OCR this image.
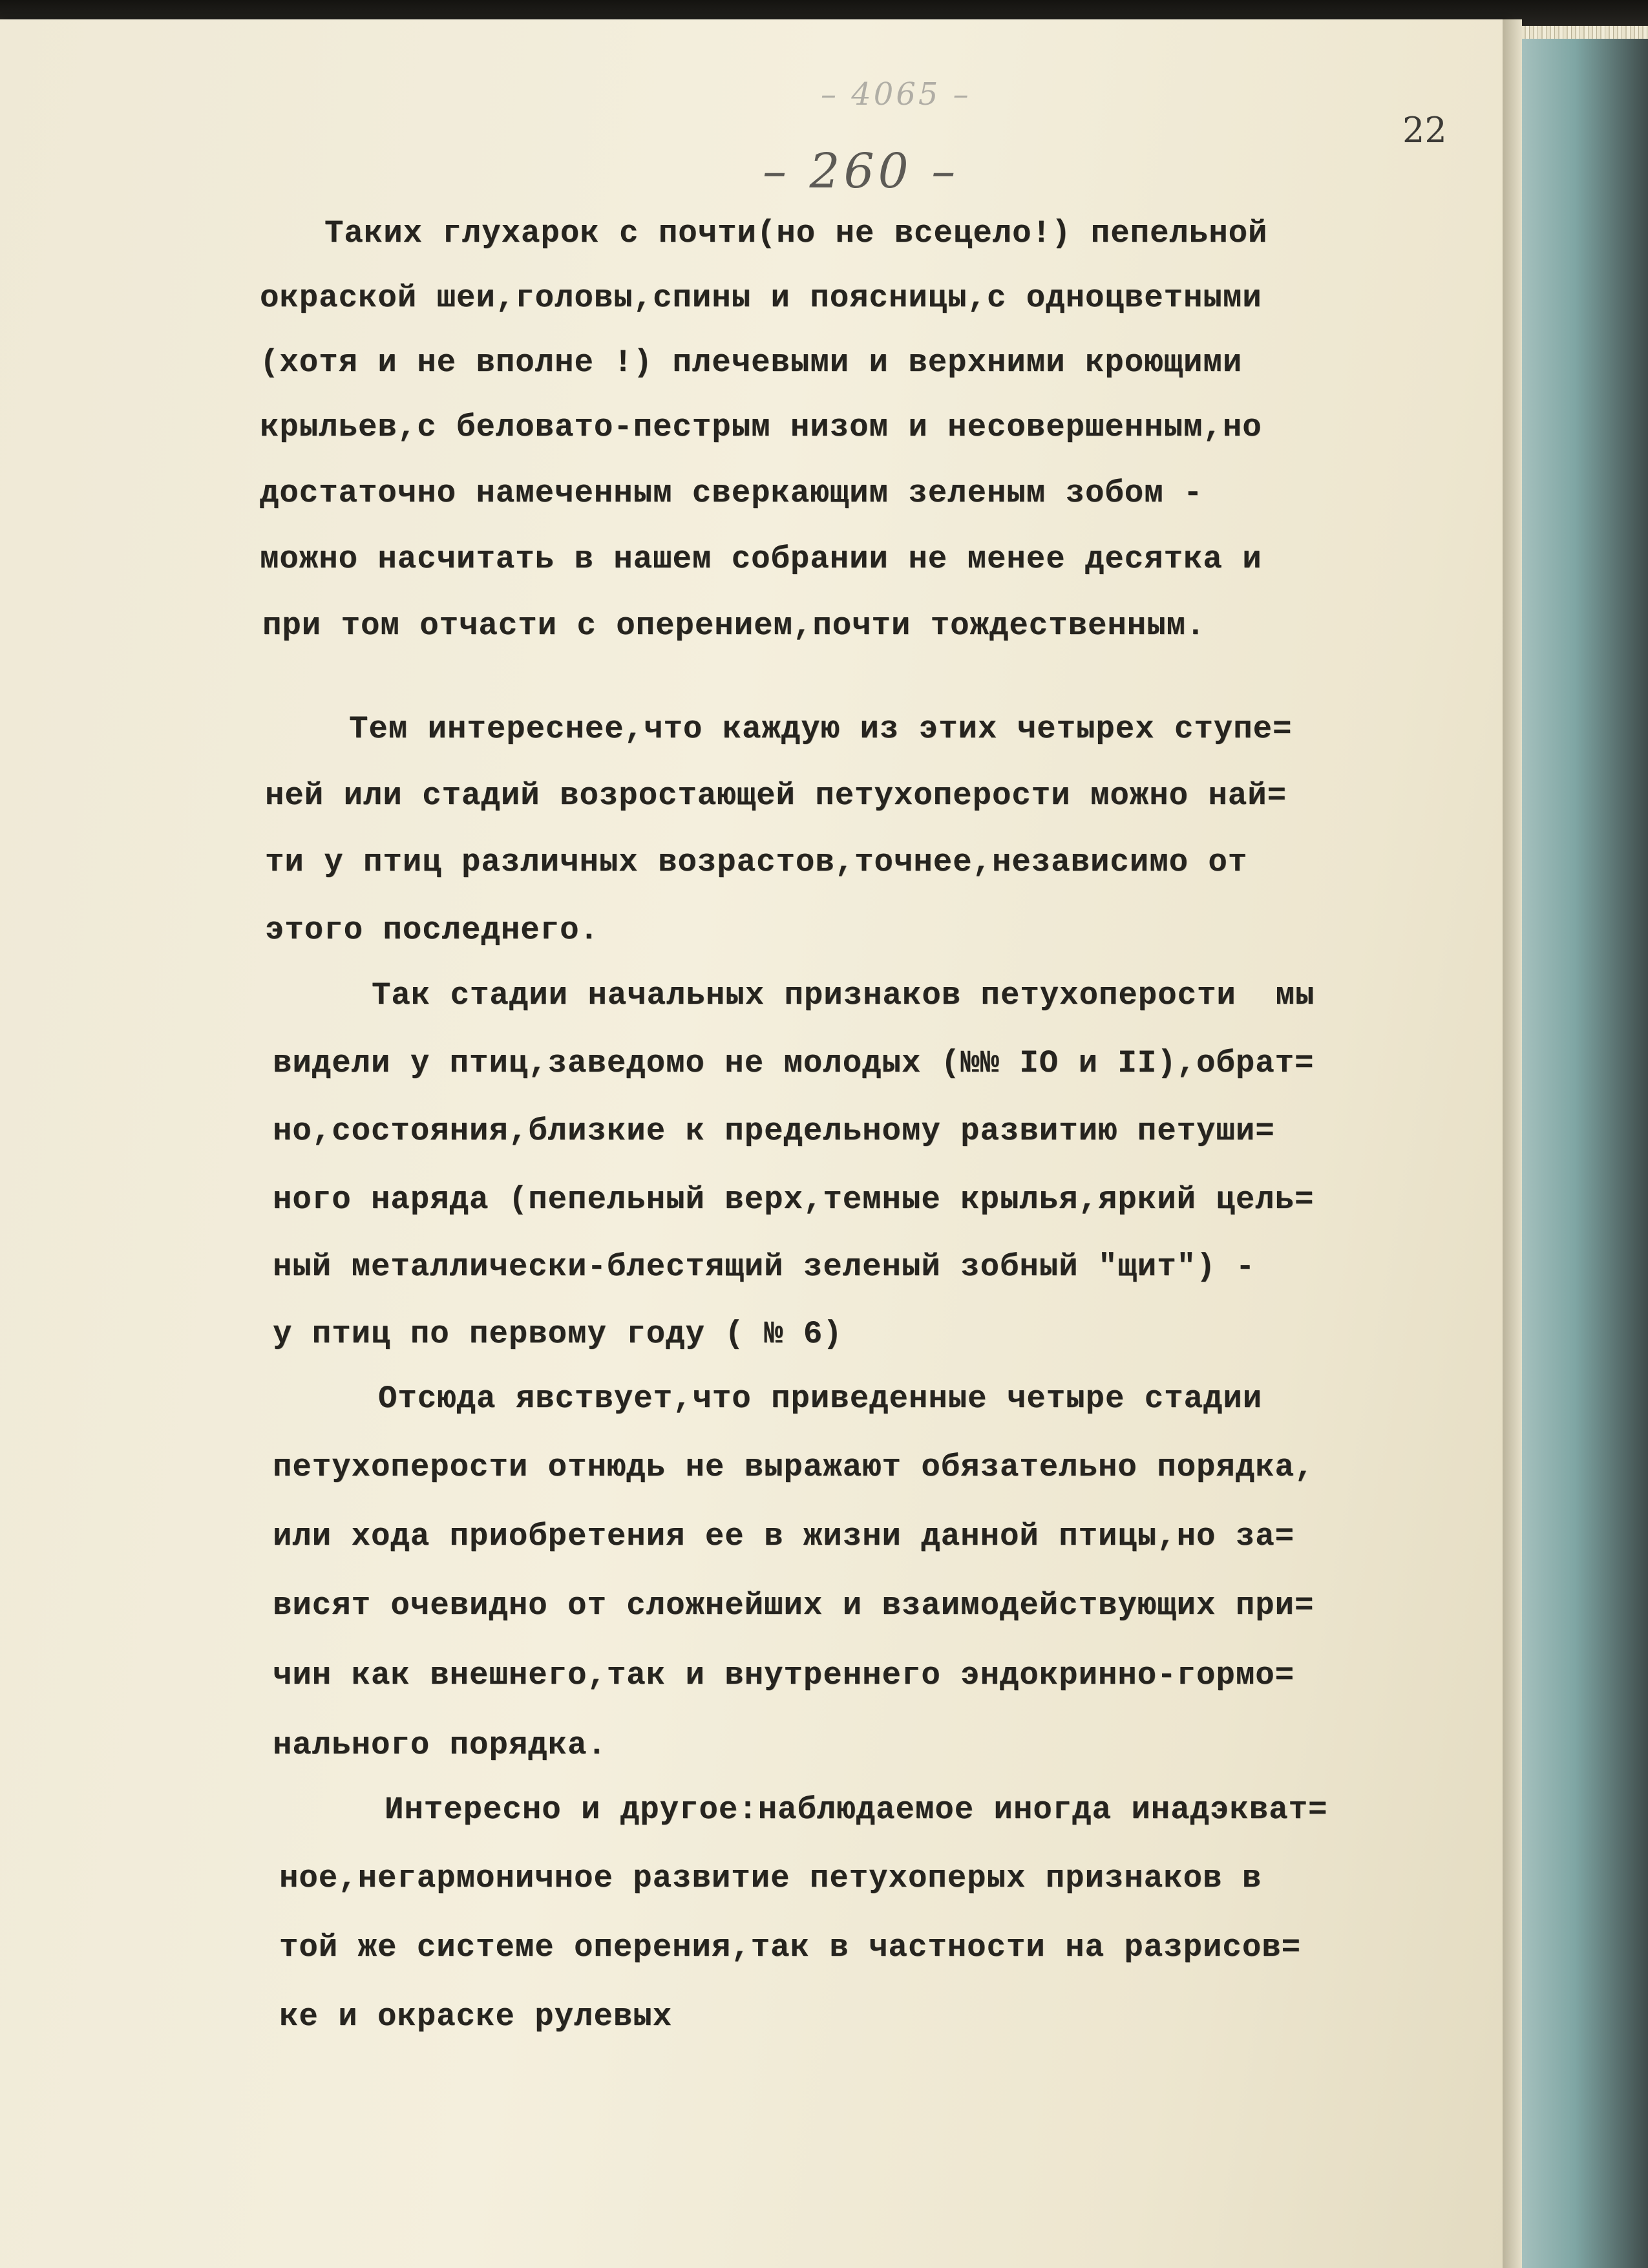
– 4065 –
22
– 260 –
Таких глухарок с почти(но не всецело!) пепельной
окраской шеи,головы,спины и поясницы,с одноцветными
(хотя и не вполне !) плечевыми и верхними кроющими
крыльев,с беловато-пестрым низом и несовершенным,но
достаточно намеченным сверкающим зеленым зобом -
можно насчитать в нашем собрании не менее десятка и
при том отчасти с оперением,почти тождественным.
Тем интереснее,что каждую из этих четырех ступе=
ней или стадий возростающей петухоперости можно най=
ти у птиц различных возрастов,точнее,независимо от
этого последнего.
Так стадии начальных признаков петухоперости  мы
видели у птиц,заведомо не молодых (№№ IO и II),обрат=
но,состояния,близкие к предельному развитию петуши=
ного наряда (пепельный верх,темные крылья,яркий цель=
ный металлически-блестящий зеленый зобный "щит") -
у птиц по первому году ( № 6)
Отсюда явствует,что приведенные четыре стадии
петухоперости отнюдь не выражают обязательно порядка,
или хода приобретения ее в жизни данной птицы,но за=
висят очевидно от сложнейших и взаимодействующих при=
чин как внешнего,так и внутреннего эндокринно-гормо=
нального порядка.
Интересно и другое:наблюдаемое иногда инадэкват=
ное,негармоничное развитие петухоперых признаков в
той же системе оперения,так в частности на разрисов=
ке и окраске рулевых
